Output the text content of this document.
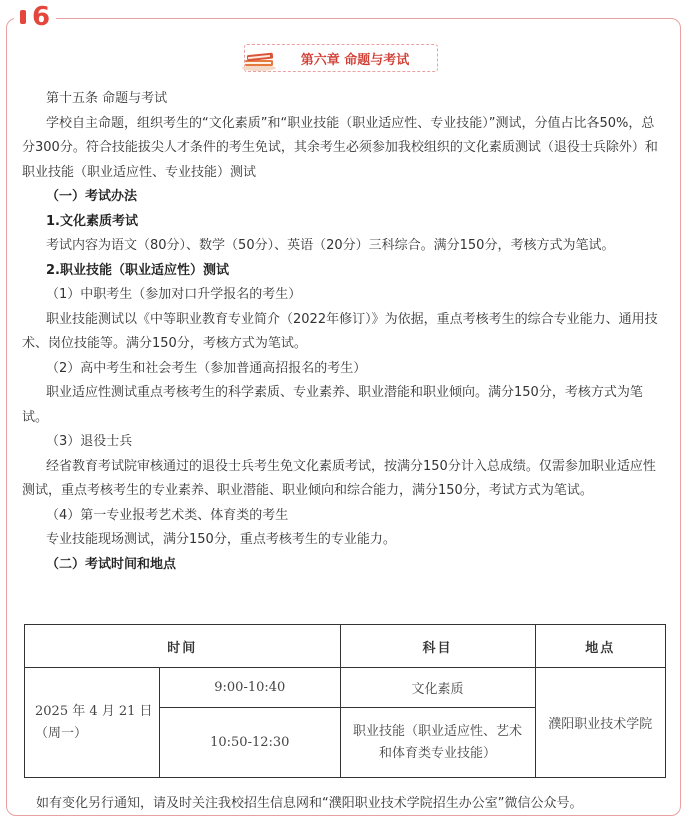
6
第六章 命题与考试

第十五条 命题与考试

学校自主命题，组织考生的“文化素质”和“职业技能（职业适应性、专业技能）”测试，分值占比各50%，总分300分。符合技能拔尖人才条件的考生免试，其余考生必须参加我校组织的文化素质测试（退役士兵除外）和职业技能（职业适应性、专业技能）测试

（一）考试办法

1.文化素质考试

考试内容为语文（80分）、数学（50分）、英语（20分）三科综合。满分150分，考核方式为笔试。

2.职业技能（职业适应性）测试

（1）中职考生（参加对口升学报名的考生）

职业技能测试以《中等职业教育专业简介（2022年修订）》为依据，重点考核考生的综合专业能力、通用技术、岗位技能等。满分150分，考核方式为笔试。

（2）高中考生和社会考生（参加普通高招报名的考生）

职业适应性测试重点考核考生的科学素质、专业素养、职业潜能和职业倾向。满分150分，考核方式为笔试。

（3）退役士兵

经省教育考试院审核通过的退役士兵考生免文化素质考试，按满分150分计入总成绩。仅需参加职业适应性测试，重点考核考生的专业素养、职业潜能、职业倾向和综合能力，满分150分，考试方式为笔试。

（4）第一专业报考艺术类、体育类的考生

专业技能现场测试，满分150分，重点考核考生的专业能力。

（二）考试时间和地点

时间		科目	地点
2025 年 4 月 21 日（周一）	9:00-10:40	文化素质	濮阳职业技术学院
	10:50-12:30	职业技能（职业适应性、艺术和体育类专业技能）	

如有变化另行通知，请及时关注我校招生信息网和“濮阳职业技术学院招生办公室”微信公众号。
